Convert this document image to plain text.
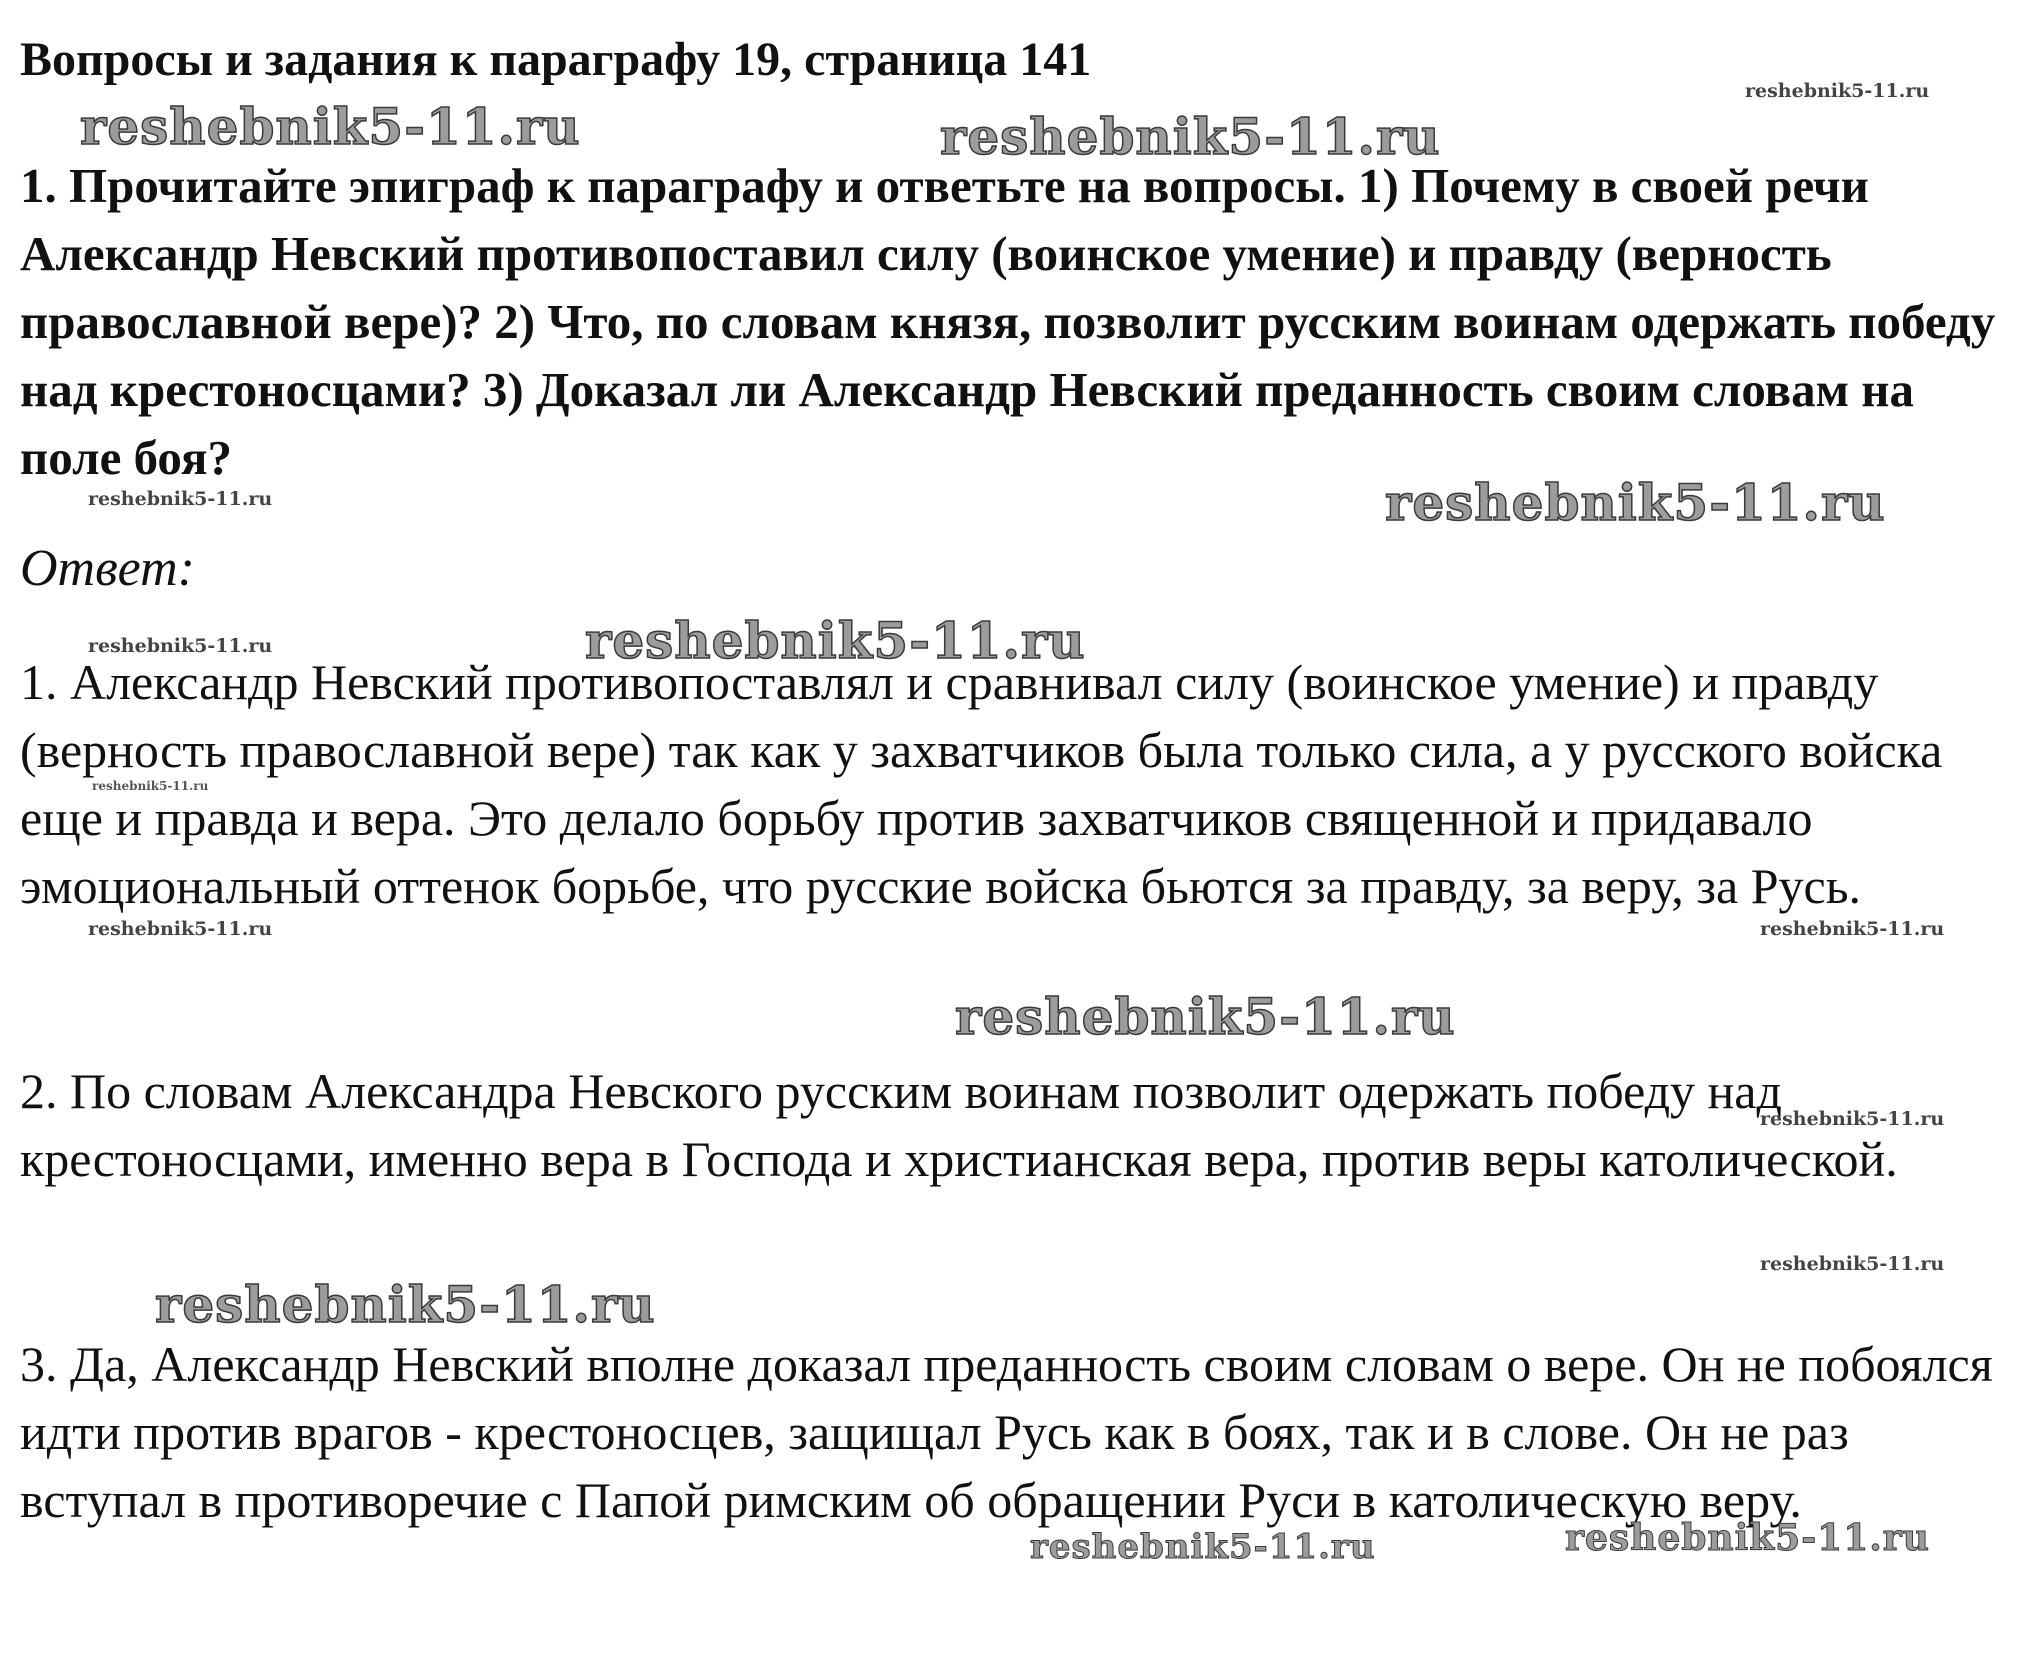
Вопросы и задания к параграфу 19, страница 141

1. Прочитайте эпиграф к параграфу и ответьте на вопросы. 1) Почему в своей речи Александр Невский противопоставил силу (воинское умение) и правду (верность православной вере)? 2) Что, по словам князя, позволит русским воинам одержать победу над крестоносцами? 3) Доказал ли Александр Невский преданность своим словам на поле боя?

Ответ:

1. Александр Невский противопоставлял и сравнивал силу (воинское умение) и правду (верность православной вере) так как у захватчиков была только сила, а у русского войска еще и правда и вера. Это делало борьбу против захватчиков священной и придавало эмоциональный оттенок борьбе, что русские войска бьются за правду, за веру, за Русь.

2. По словам Александра Невского русским воинам позволит одержать победу над крестоносцами, именно вера в Господа и христианская вера, против веры католической.

3. Да, Александр Невский вполне доказал преданность своим словам о вере. Он не побоялся идти против врагов - крестоносцев, защищал Русь как в боях, так и в слове. Он не раз вступал в противоречие с Папой римским об обращении Руси в католическую веру.

reshebnik5-11.ru
reshebnik5-11.ru	reshebnik5-11.ru
reshebnik5-11.ru	reshebnik5-11.ru
reshebnik5-11.ru	reshebnik5-11.ru
reshebnik5-11.ru
reshebnik5-11.ru	reshebnik5-11.ru
reshebnik5-11.ru
reshebnik5-11.ru
reshebnik5-11.ru
reshebnik5-11.ru
reshebnik5-11.ru	reshebnik5-11.ru
